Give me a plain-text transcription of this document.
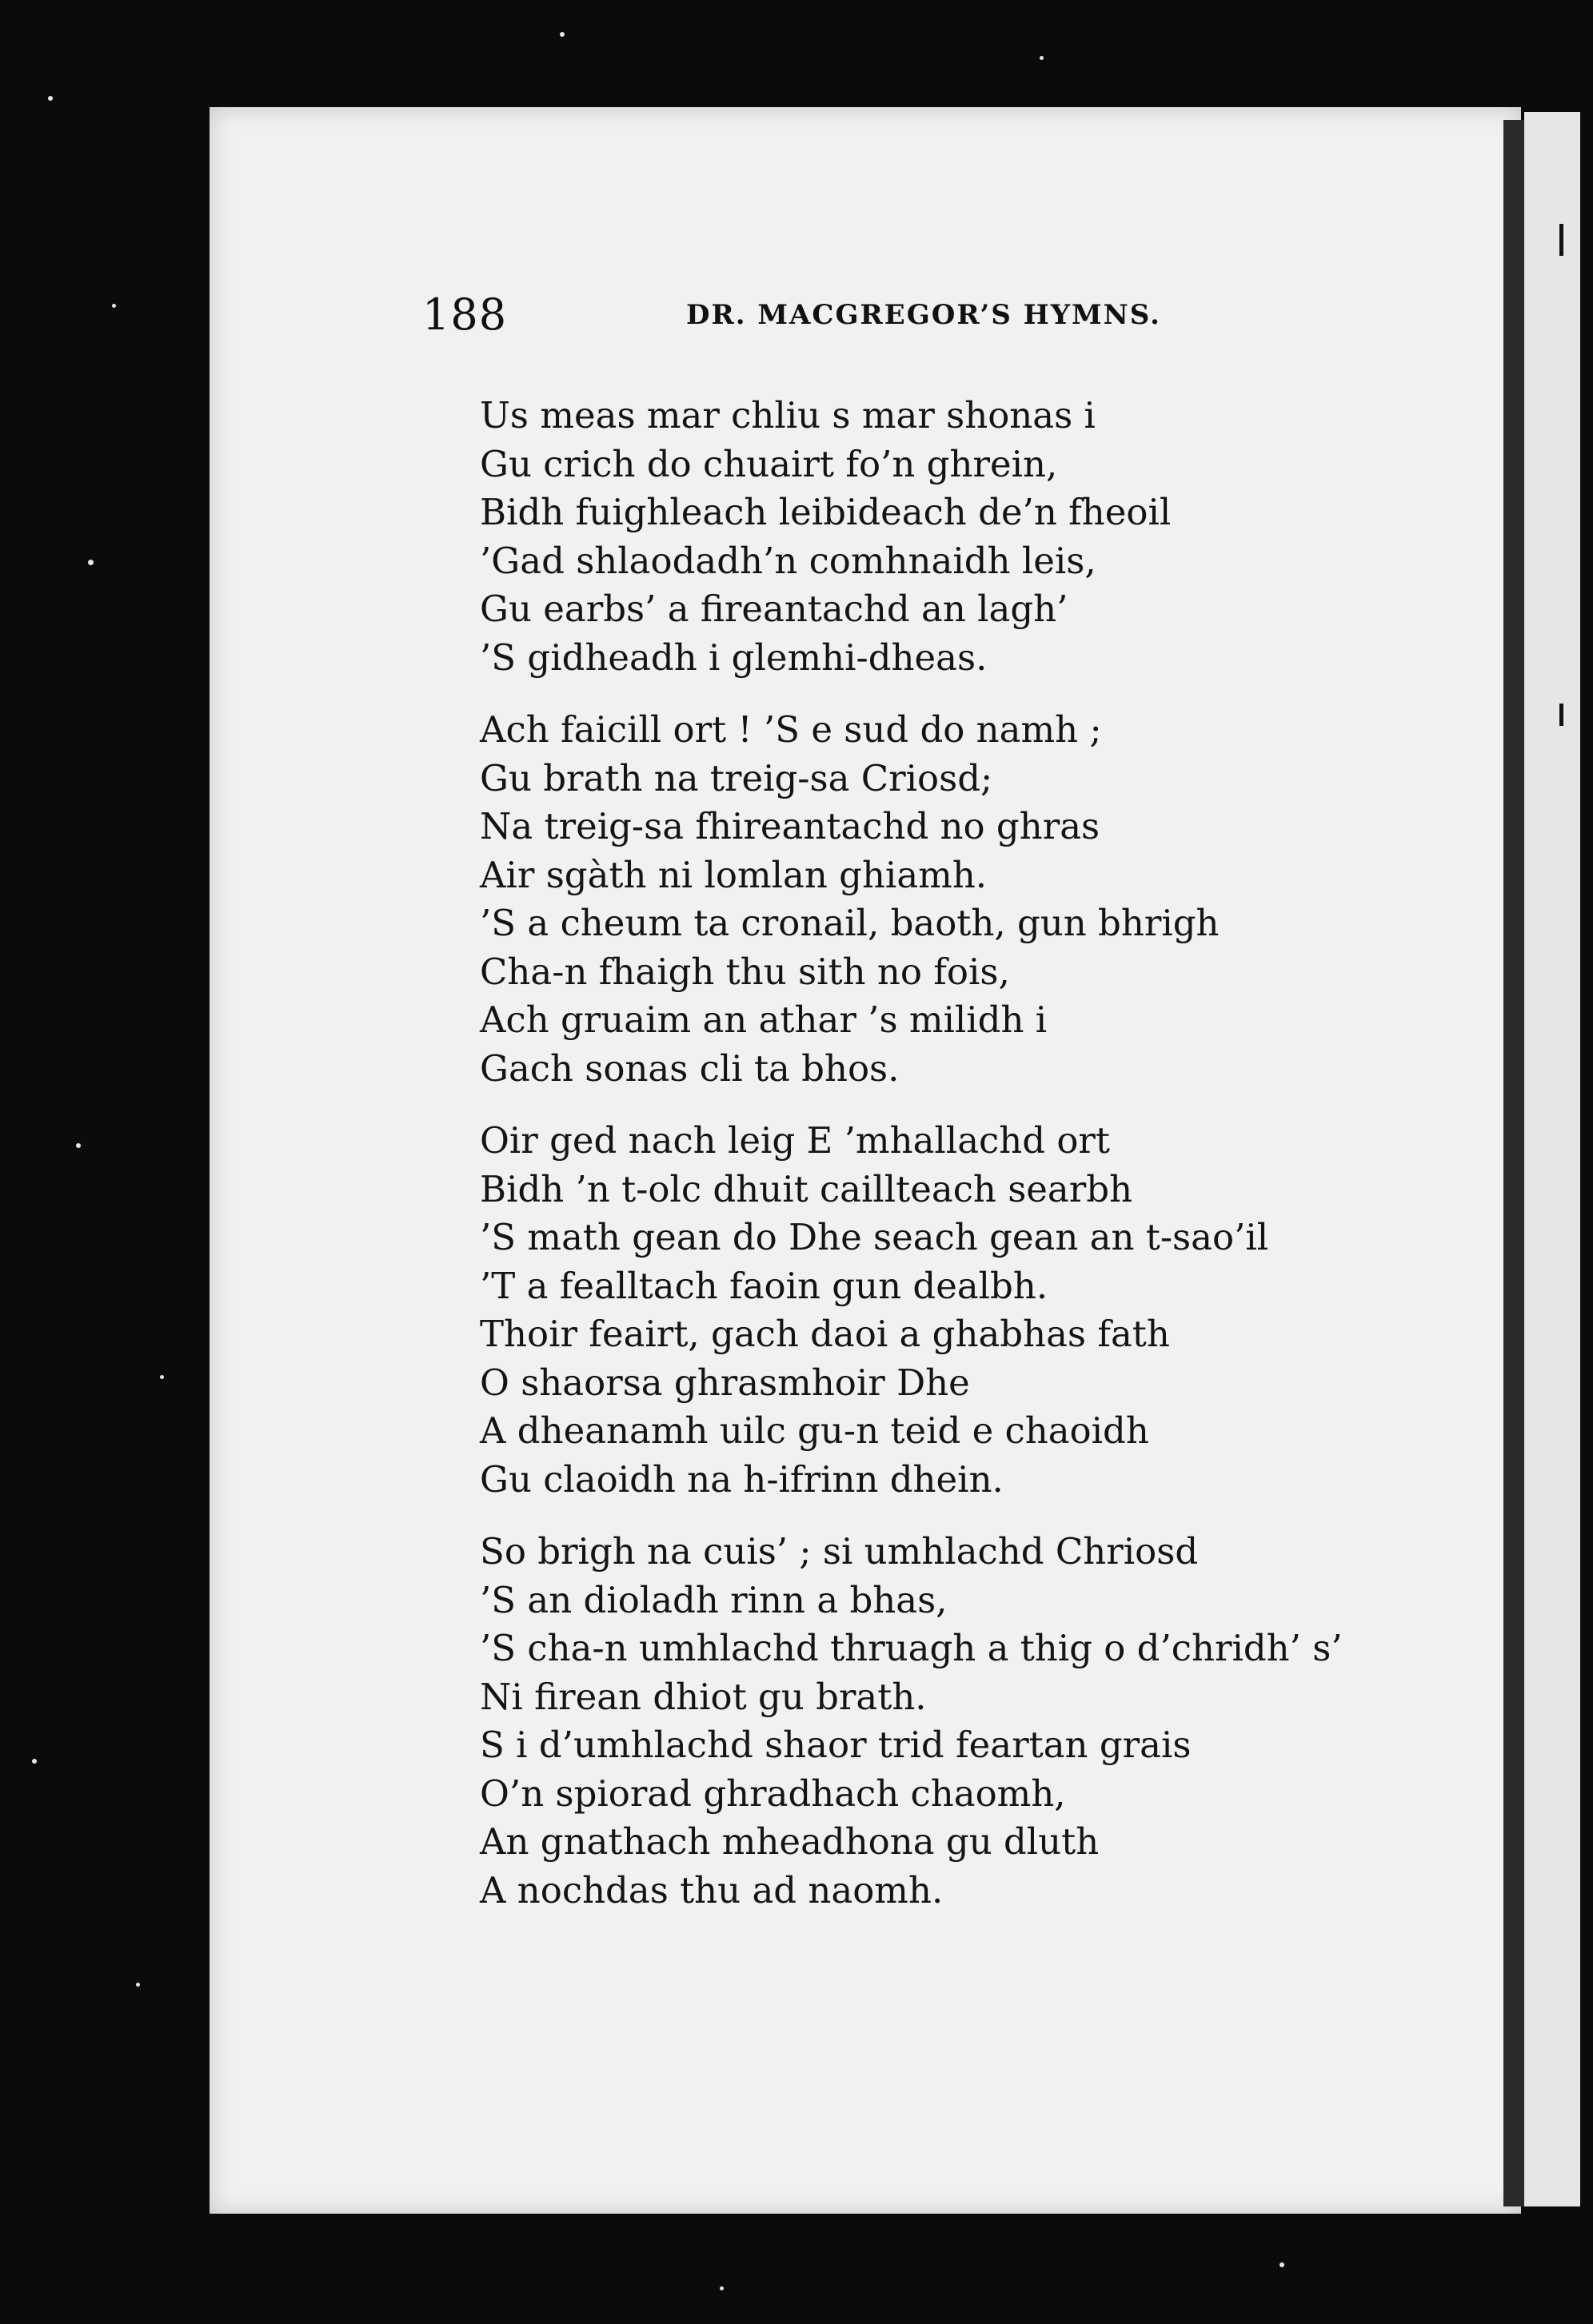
188	DR. MACGREGOR’S HYMNS.
Us meas mar chliu s mar shonas i
Gu crich do chuairt fo’n ghrein,
Bidh fuighleach leibideach de’n fheoil
’Gad shlaodadh’n comhnaidh leis,
Gu earbs’ a fireantachd an lagh’
’S gidheadh i glemhi-dheas.
Ach faicill ort ! ’S e sud do namh ;
Gu brath na treig-sa Criosd;
Na treig-sa fhireantachd no ghras
Air sgàth ni lomlan ghiamh.
’S a cheum ta cronail, baoth, gun bhrigh
Cha-n fhaigh thu sith no fois,
Ach gruaim an athar ’s milidh i
Gach sonas cli ta bhos.
Oir ged nach leig E ’mhallachd ort
Bidh ’n t-olc dhuit caillteach searbh
’S math gean do Dhe seach gean an t-sao’il
’T a fealltach faoin gun dealbh.
Thoir feairt, gach daoi a ghabhas fath
O shaorsa ghrasmhoir Dhe
A dheanamh uilc gu-n teid e chaoidh
Gu claoidh na h-ifrinn dhein.
So brigh na cuis’ ; si umhlachd Chriosd
’S an dioladh rinn a bhas,
’S cha-n umhlachd thruagh a thig o d’chridh’ s’
Ni firean dhiot gu brath.
S i d’umhlachd shaor trid feartan grais
O’n spiorad ghradhach chaomh,
An gnathach mheadhona gu dluth
A nochdas thu ad naomh.
